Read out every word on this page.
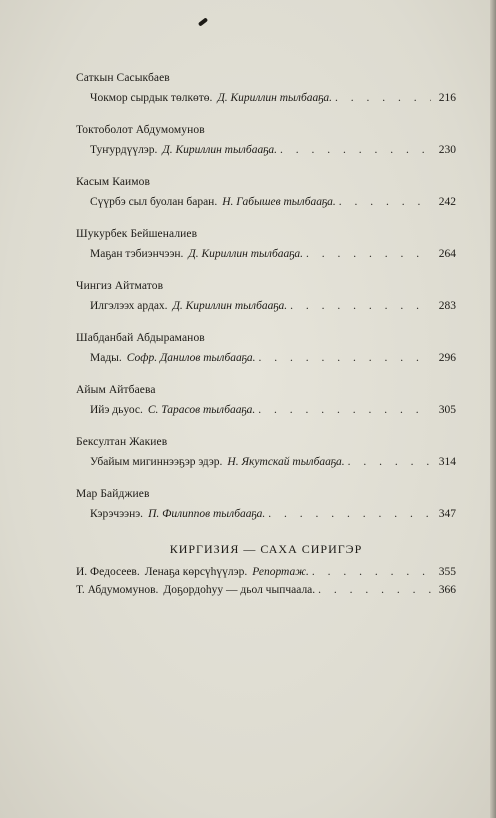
Саткын Сасыкбаев
Чокмор сырдык төлкөтө. Д. Кириллин тылбааҕа. . . .	216
Токтоболот Абдумомунов
Туҥурдүүлэр. Д. Кириллин тылбааҕа. . . .	230
Касым Каимов
Сүүрбэ сыл буолан баран. Н. Габышев тылбааҕа. . . .	242
Шукурбек Бейшеналиев
Маҕан тэбиэнчээн. Д. Кириллин тылбааҕа. . . .	264
Чингиз Айтматов
Илгэлээх ардах. Д. Кириллин тылбааҕа. . . .	283
Шабданбай Абдыраманов
Мады. Софр. Данилов тылбааҕа. . . .	296
Айым Айтбаева
Ийэ дьуос. С. Тарасов тылбааҕа. . . .	305
Бексултан Жакиев
Убайым мигиннээҕэр эдэр. Н. Якутскай тылбааҕа. . . .	314
Мар Байджиев
Кэрэчээнэ. П. Филиппов тылбааҕа. . . .	347
КИРГИЗИЯ — САХА СИРИГЭР
И. Федосеев. Ленаҕа көрсүһүүлэр. Репортаж. . . .	355
Т. Абдумомунов. Доҕордоһуу — дьол чыпчаала. . . .	366
